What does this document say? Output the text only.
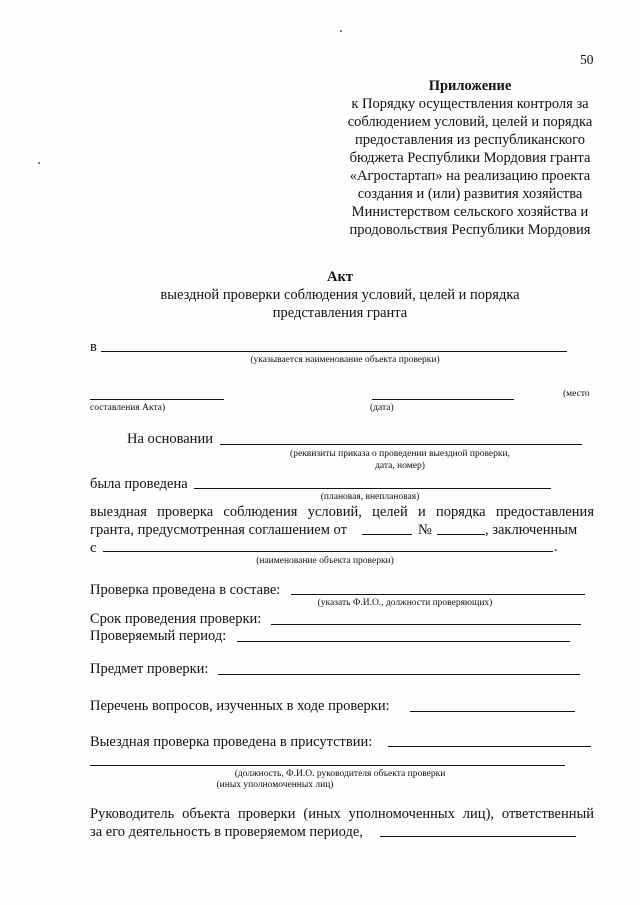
50
Приложение
к Порядку осуществления контроля за
соблюдением условий, целей и порядка
предоставления из республиканского
бюджета Республики Мордовия гранта
«Агростартап» на реализацию проекта
создания и (или) развития хозяйства
Министерством сельского хозяйства и
продовольствия Республики Мордовия
Акт
выездной проверки соблюдения условий, целей и порядка
представления гранта
в
(указывается наименование объекта проверки)
(место
составления Акта)	(дата)
На основании
(реквизиты приказа о проведении выездной проверки,
дата, номер)
была проведена
(плановая, внеплановая)
выездная проверка соблюдения условий, целей и порядка предоставления
гранта, предусмотренная соглашением от	№	, заключенным
с	.
(наименование объекта проверки)
Проверка проведена в составе:
(указать Ф.И.О., должности проверяющих)
Срок проведения проверки:
Проверяемый период:
Предмет проверки:
Перечень вопросов, изученных в ходе проверки:
Выездная проверка проведена в присутствии:
(должность, Ф.И.О. руководителя объекта проверки
(иных уполномоченных лиц)
Руководитель объекта проверки (иных уполномоченных лиц), ответственный
за его деятельность в проверяемом периоде,
